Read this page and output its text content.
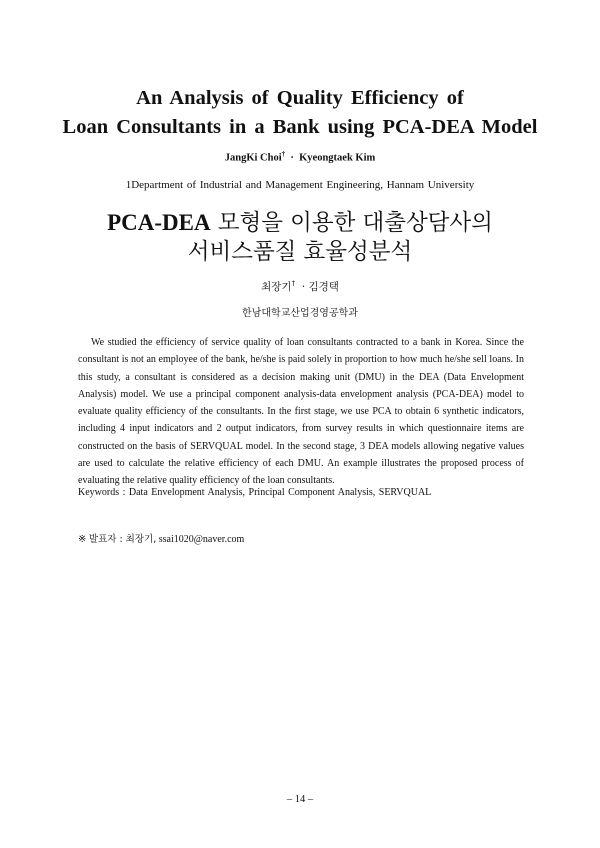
An Analysis of Quality Efficiency of
Loan Consultants in a Bank using PCA-DEA Model
JangKi Choi† · Kyeongtaek Kim
1Department of Industrial and Management Engineering, Hannam University
PCA-DEA 모형을 이용한 대출상담사의
서비스품질 효율성분석
최장기† · 김경택
한남대학교산업경영공학과

We studied the efficiency of service quality of loan consultants contracted to a bank in Korea. Since the consultant is not an employee of the bank, he/she is paid solely in proportion to how much he/she sell loans. In this study, a consultant is considered as a decision making unit (DMU) in the DEA (Data Envelopment Analysis) model. We use a principal component analysis-data envelopment analysis (PCA-DEA) model to evaluate quality efficiency of the consultants. In the first stage, we use PCA to obtain 6 synthetic indicators, including 4 input indicators and 2 output indicators, from survey results in which questionnaire items are constructed on the basis of SERVQUAL model. In the second stage, 3 DEA models allowing negative values are used to calculate the relative efficiency of each DMU. An example illustrates the proposed process of evaluating the relative quality efficiency of the loan consultants.

Keywords : Data Envelopment Analysis, Principal Component Analysis, SERVQUAL
※ 발표자 : 최장기, ssai1020@naver.com
– 14 –
